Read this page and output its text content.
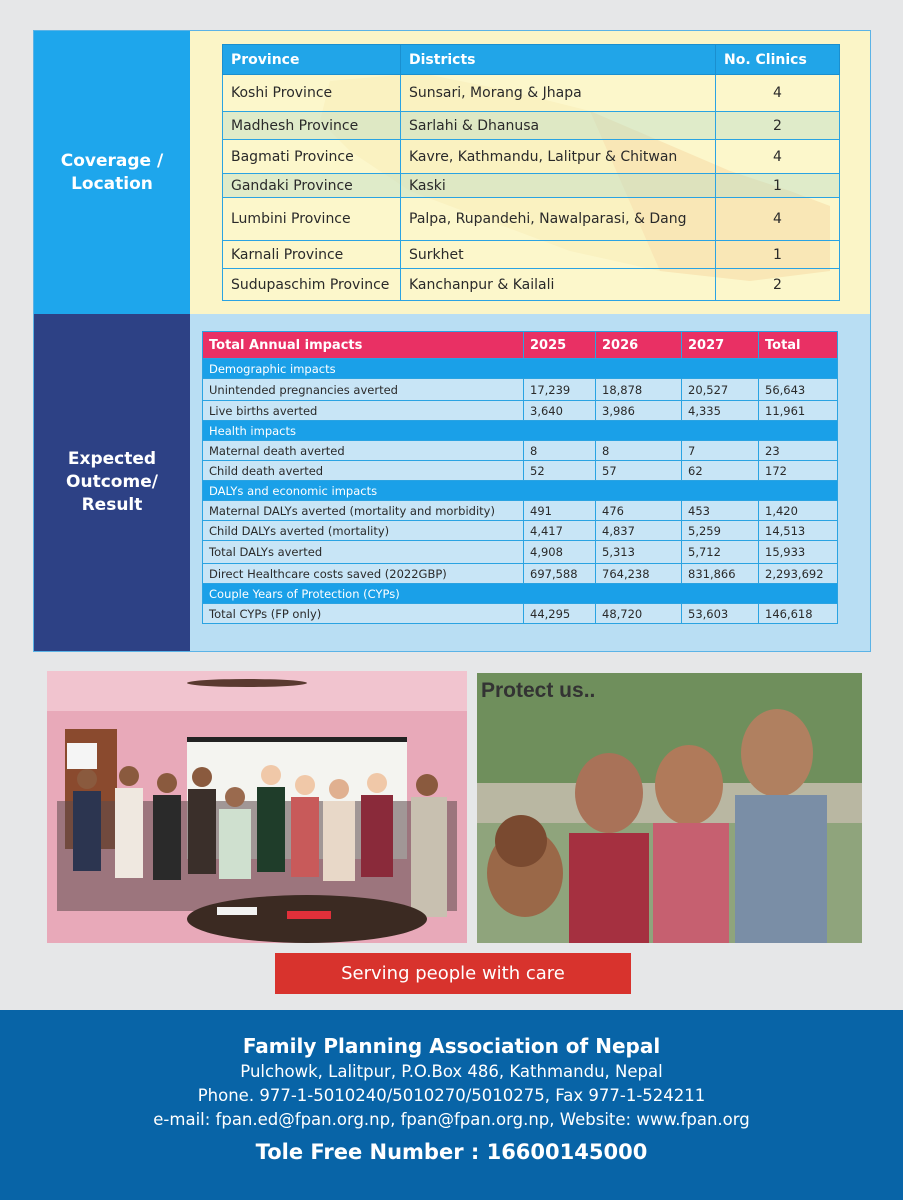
Coverage /
Location
Expected
Outcome/
Result
Province	Districts	No. Clinics
Koshi Province	Sunsari, Morang & Jhapa	4
Madhesh Province	Sarlahi & Dhanusa	2
Bagmati Province	Kavre, Kathmandu, Lalitpur & Chitwan	4
Gandaki Province	Kaski	1
Lumbini Province	Palpa, Rupandehi, Nawalparasi, & Dang	4
Karnali Province	Surkhet	1
Sudupaschim Province	Kanchanpur & Kailali	2
Total Annual impacts	2025	2026	2027	Total
Demographic impacts				
Unintended pregnancies averted	17,239	18,878	20,527	56,643
Live births averted	3,640	3,986	4,335	11,961
Health impacts				
Maternal death averted	8	8	7	23
Child death averted	52	57	62	172
DALYs and economic impacts				
Maternal DALYs averted (mortality and morbidity)	491	476	453	1,420
Child DALYs averted (mortality)	4,417	4,837	5,259	14,513
Total DALYs averted	4,908	5,313	5,712	15,933
Direct Healthcare costs saved (2022GBP)	697,588	764,238	831,866	2,293,692
Couple Years of Protection (CYPs)				
Total CYPs (FP only)	44,295	48,720	53,603	146,618
Protect us..
Serving people with care
Family Planning Association of Nepal
Pulchowk, Lalitpur, P.O.Box 486, Kathmandu, Nepal
Phone. 977-1-5010240/5010270/5010275, Fax 977-1-524211
e-mail: fpan.ed@fpan.org.np, fpan@fpan.org.np, Website: www.fpan.org
Tole Free Number : 16600145000
